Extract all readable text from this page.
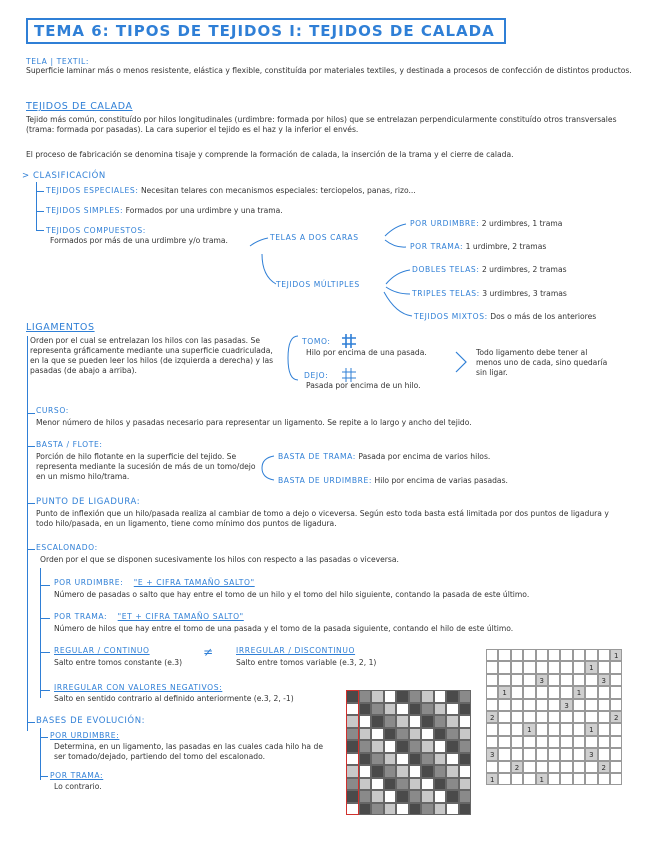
TEMA 6: TIPOS DE TEJIDOS I: TEJIDOS DE CALADA
TELA | TEXTIL:
Superficie laminar más o menos resistente, elástica y flexible, constituída por materiales textiles, y destinada a procesos de confección de distintos productos.
TEJIDOS DE CALADA
Tejido más común, constituído por hilos longitudinales (urdimbre: formada por hilos) que se entrelazan perpendicularmente constituído otros transversales (trama: formada por pasadas). La cara superior el tejido es el haz y la inferior el envés.
El proceso de fabricación se denomina tisaje y comprende la formación de calada, la inserción de la trama y el cierre de calada.
> CLASIFICACIÓN
TEJIDOS ESPECIALES: Necesitan telares con mecanismos especiales: terciopelos, panas, rizo...
TEJIDOS SIMPLES: Formados por una urdimbre y una trama.
TEJIDOS COMPUESTOS:
Formados por más de una urdimbre y/o trama.	TELAS A DOS CARAS
POR URDIMBRE: 2 urdimbres, 1 trama
POR TRAMA: 1 urdimbre, 2 tramas
TEJIDOS MÚLTIPLES
DOBLES TELAS: 2 urdimbres, 2 tramas
TRIPLES TELAS: 3 urdimbres, 3 tramas
TEJIDOS MIXTOS: Dos o más de los anteriores
LIGAMENTOS
Orden por el cual se entrelazan los hilos con las pasadas. Se representa gráficamente mediante una superficie cuadriculada, en la que se pueden leer los hilos (de izquierda a derecha) y las pasadas (de abajo a arriba).
TOMO:
Hilo por encima de una pasada.
DEJO:
Pasada por encima de un hilo.
Todo ligamento debe tener al menos uno de cada, sino quedaría sin ligar.
CURSO:
Menor número de hilos y pasadas necesario para representar un ligamento. Se repite a lo largo y ancho del tejido.
BASTA / FLOTE:
Porción de hilo flotante en la superficie del tejido. Se representa mediante la sucesión de más de un tomo/dejo en un mismo hilo/trama.
BASTA DE TRAMA: Pasada por encima de varios hilos.
BASTA DE URDIMBRE: Hilo por encima de varias pasadas.
PUNTO DE LIGADURA:
Punto de inflexión que un hilo/pasada realiza al cambiar de tomo a dejo o viceversa. Según esto toda basta está limitada por dos puntos de ligadura y todo hilo/pasada, en un ligamento, tiene como mínimo dos puntos de ligadura.
ESCALONADO:
Orden por el que se disponen sucesivamente los hilos con respecto a las pasadas o viceversa.
POR URDIMBRE: "E + CIFRA TAMAÑO SALTO"
Número de pasadas o salto que hay entre el tomo de un hilo y el tomo del hilo siguiente, contando la pasada de este último.
POR TRAMA: "ET + CIFRA TAMAÑO SALTO"
Número de hilos que hay entre el tomo de una pasada y el tomo de la pasada siguiente, contando el hilo de este último.
REGULAR / CONTINUO
Salto entre tomos constante (e.3)
≠	IRREGULAR / DISCONTINUO
Salto entre tomos variable (e.3, 2, 1)
IRREGULAR CON VALORES NEGATIVOS:
Salto en sentido contrario al definido anteriormente (e.3, 2, -1)
BASES DE EVOLUCIÓN:
POR URDIMBRE:
Determina, en un ligamento, las pasadas en las cuales cada hilo ha de ser tomado/dejado, partiendo del tomo del escalonado.
POR TRAMA:
Lo contrario.
1
1
3	3
1	1
3
2	2
1	1
3	3
2	2
1	1
